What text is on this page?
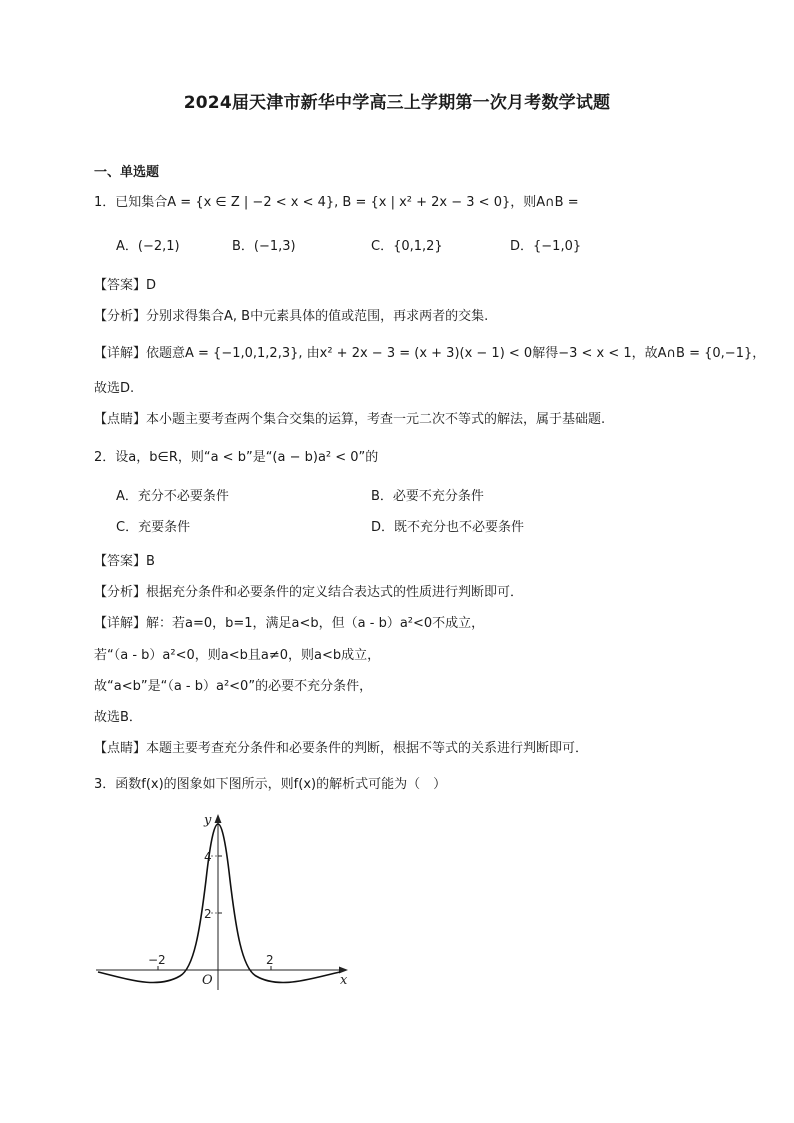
2024届天津市新华中学高三上学期第一次月考数学试题
一、单选题
1．已知集合A = {x ∈ Z | −2 < x < 4}, B = {x | x² + 2x − 3 < 0}，则A∩B =
A．(−2,1)	B．(−1,3)	C．{0,1,2}	D．{−1,0}
【答案】D
【分析】分别求得集合A, B中元素具体的值或范围，再求两者的交集.
【详解】依题意A = {−1,0,1,2,3}, 由x² + 2x − 3 = (x + 3)(x − 1) < 0解得−3 < x < 1，故A∩B = {0,−1}，
故选D.
【点睛】本小题主要考查两个集合交集的运算，考查一元二次不等式的解法，属于基础题.
2．设a，b∈R，则“a < b”是“(a − b)a² < 0”的
A．充分不必要条件	B．必要不充分条件
C．充要条件	D．既不充分也不必要条件
【答案】B
【分析】根据充分条件和必要条件的定义结合表达式的性质进行判断即可．
【详解】解：若a=0，b=1，满足a<b，但（a - b）a²<0不成立，
若“（a - b）a²<0，则a<b且a≠0，则a<b成立，
故“a<b”是“（a - b）a²<0”的必要不充分条件，
故选B．
【点睛】本题主要考查充分条件和必要条件的判断，根据不等式的关系进行判断即可．
3．函数f(x)的图象如下图所示，则f(x)的解析式可能为（　）
y
x
O
4
2
−2	2
